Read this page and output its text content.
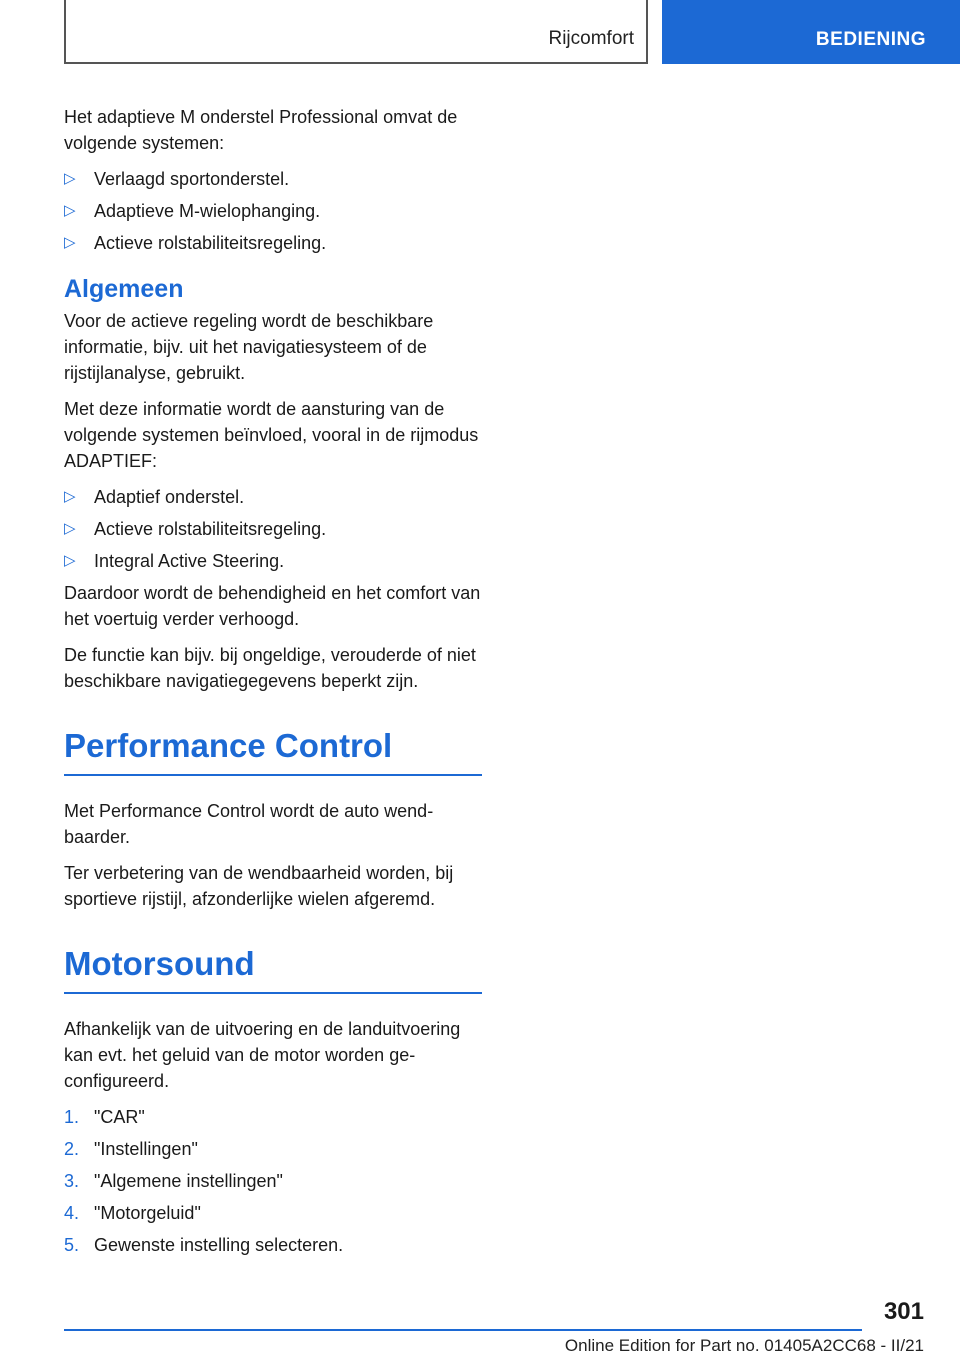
Rijcomfort	BEDIENING

Het adaptieve M onderstel Professional omvat de volgende systemen:

▷ Verlaagd sportonderstel.
▷ Adaptieve M-wielophanging.
▷ Actieve rolstabiliteitsregeling.
Algemeen

Voor de actieve regeling wordt de beschikbare informatie, bijv. uit het navigatiesysteem of de rijstijlanalyse, gebruikt.

Met deze informatie wordt de aansturing van de volgende systemen beïnvloed, vooral in de rijmodus ADAPTIEF:

▷ Adaptief onderstel.
▷ Actieve rolstabiliteitsregeling.
▷ Integral Active Steering.

Daardoor wordt de behendigheid en het comfort van het voertuig verder verhoogd.

De functie kan bijv. bij ongeldige, verouderde of niet beschikbare navigatiegegevens beperkt zijn.

Performance Control

Met Performance Control wordt de auto wendbaarder.

Ter verbetering van de wendbaarheid worden, bij sportieve rijstijl, afzonderlijke wielen afgeremd.

Motorsound

Afhankelijk van de uitvoering en de landuitvoering kan evt. het geluid van de motor worden geconfigureerd.

1. "CAR"
2. "Instellingen"
3. "Algemene instellingen"
4. "Motorgeluid"
5. Gewenste instelling selecteren.
301
Online Edition for Part no. 01405A2CC68 - II/21
